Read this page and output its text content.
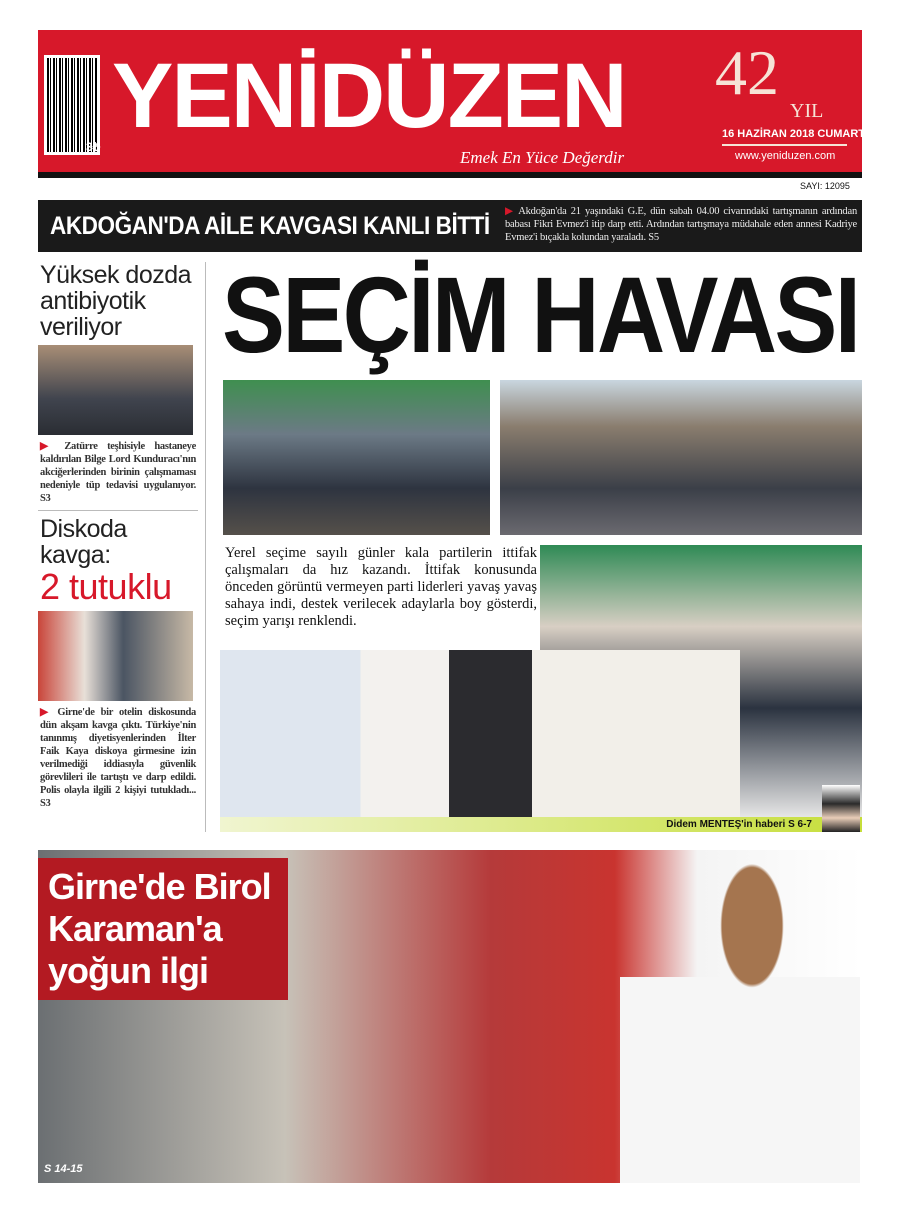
3₺ YENİDÜZEN
Emek En Yüce Değerdir
42
YIL
16 HAZİRAN 2018 CUMARTESİ
www.yeniduzen.com
SAYI: 12095
AKDOĞAN'DA AİLE KAVGASI KANLI BİTTİ
▶ Akdoğan'da 21 yaşındaki G.E, dün sabah 04.00 civarındaki tartışmanın ardından babası Fikri Evmez'i itip darp etti. Ardından tartışmaya müdahale eden annesi Kadriye Evmez'i bıçakla kolundan yaraladı. S5
Yüksek dozda antibiyotik veriliyor
▶ Zatürre teşhisiyle hastaneye kaldırılan Bilge Lord Kunduracı'nın akciğerlerinden birinin çalışmaması nedeniyle tüp tedavisi uygulanıyor. S3
Diskoda kavga:
2 tutuklu
▶ Girne'de bir otelin diskosunda dün akşam kavga çıktı. Türkiye'nin tanınmış diyetisyenlerinden İlter Faik Kaya diskoya girmesine izin verilmediği iddiasıyla güvenlik görevlileri ile tartıştı ve darp edildi. Polis olayla ilgili 2 kişiyi tutukladı... S3
SEÇİM HAVASI
Yerel seçime sayılı günler kala partilerin ittifak çalışmaları da hız kazandı. İttifak konusunda önceden görüntü vermeyen parti liderleri yavaş yavaş sahaya indi, destek verilecek adaylarla boy gösterdi, seçim yarışı renklendi.
Didem MENTEŞ'in haberi S 6-7
Girne'de Birol Karaman'a yoğun ilgi
S 14-15
